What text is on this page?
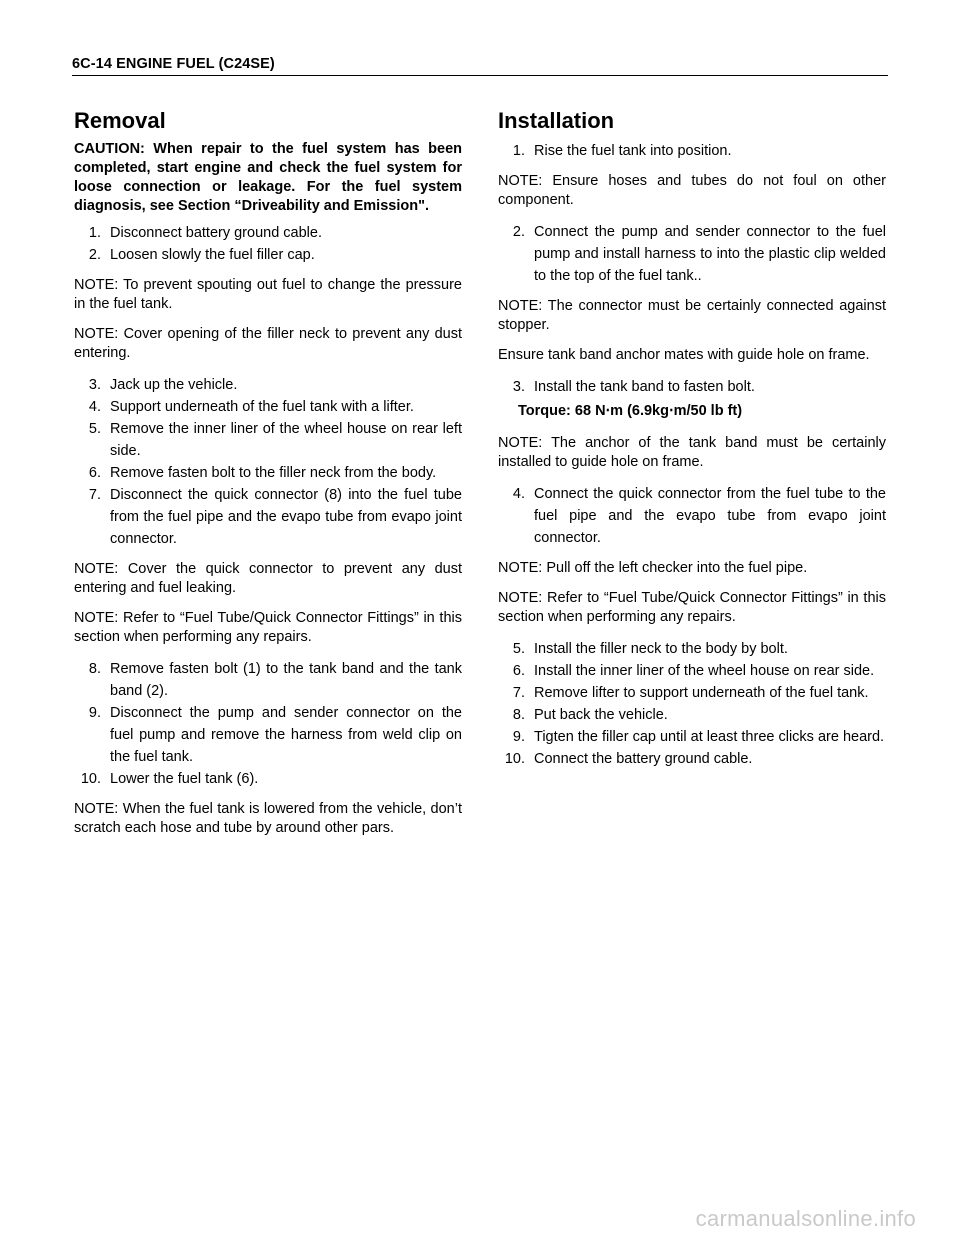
6C-14 ENGINE FUEL (C24SE)
Removal

CAUTION: When repair to the fuel system has been completed, start engine and check the fuel system for loose connection or leakage. For the fuel system diagnosis, see Section “Driveability and Emission".

1. Disconnect battery ground cable.
2. Loosen slowly the fuel filler cap.

NOTE: To prevent spouting out fuel to change the pressure in the fuel tank.

NOTE: Cover opening of the filler neck to prevent any dust entering.

3. Jack up the vehicle.
4. Support underneath of the fuel tank with a lifter.
5. Remove the inner liner of the wheel house on rear left side.
6. Remove fasten bolt to the filler neck from the body.
7. Disconnect the quick connector (8) into the fuel tube from the fuel pipe and the evapo tube from evapo joint connector.

NOTE: Cover the quick connector to prevent any dust entering and fuel leaking.

NOTE: Refer to “Fuel Tube/Quick Connector Fittings” in this section when performing any repairs.

8. Remove fasten bolt (1) to the tank band and the tank band (2).
9. Disconnect the pump and sender connector on the fuel pump and remove the harness from weld clip on the fuel tank.
10. Lower the fuel tank (6).

NOTE: When the fuel tank is lowered from the vehicle, don’t scratch each hose and tube by around other pars.

Installation
1. Rise the fuel tank into position.

NOTE: Ensure hoses and tubes do not foul on other component.

2. Connect the pump and sender connector to the fuel pump and install harness to into the plastic clip welded to the top of the fuel tank..

NOTE: The connector must be certainly connected against stopper.

Ensure tank band anchor mates with guide hole on frame.

3. Install the tank band to fasten bolt.
Torque: 68 N⋅m (6.9kg⋅m/50 lb ft)

NOTE: The anchor of the tank band must be certainly installed to guide hole on frame.

4. Connect the quick connector from the fuel tube to the fuel pipe and the evapo tube from evapo joint connector.

NOTE: Pull off the left checker into the fuel pipe.

NOTE: Refer to “Fuel Tube/Quick Connector Fittings” in this section when performing any repairs.

5. Install the filler neck to the body by bolt.
6. Install the inner liner of the wheel house on rear side.
7. Remove lifter to support underneath of the fuel tank.
8. Put back the vehicle.
9. Tigten the filler cap until at least three clicks are heard.
10. Connect the battery ground cable.
carmanualsonline.info
